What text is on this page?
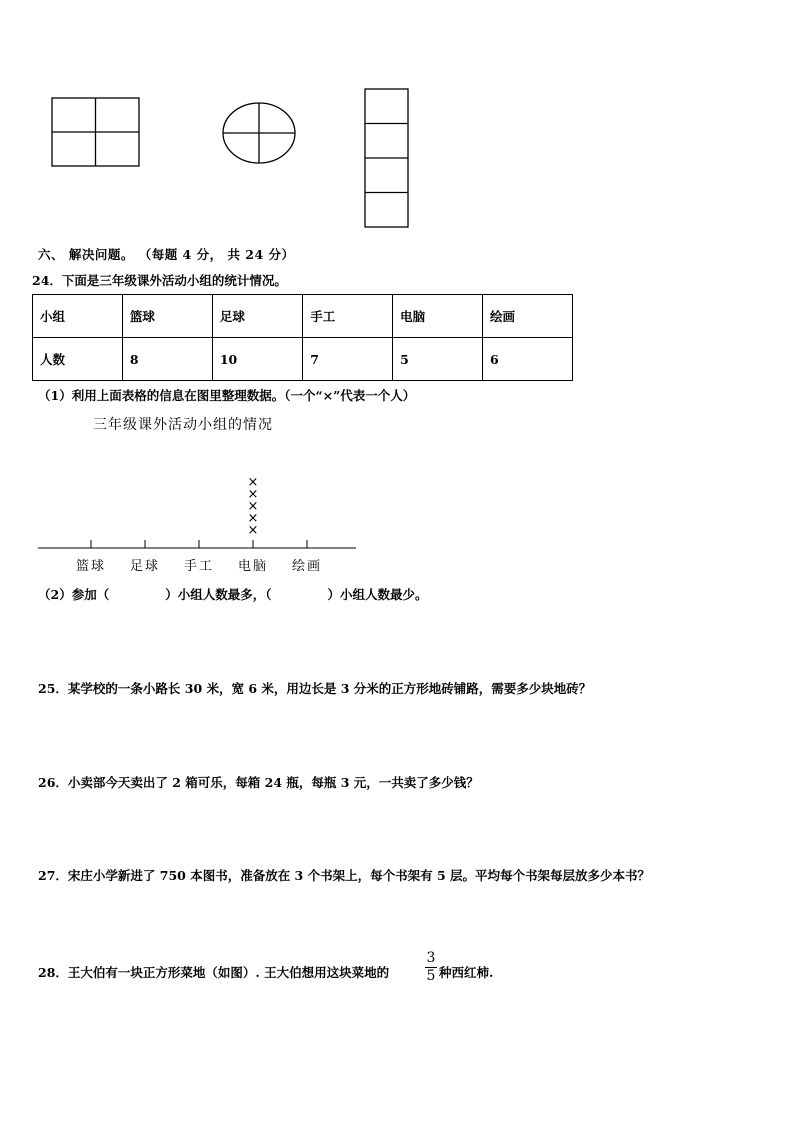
六、 解决问题。 （每题 4 分， 共 24 分）
24．下面是三年级课外活动小组的统计情况。
小组	篮球	足球	手工	电脑	绘画
人数	8	10	7	5	6
（1）利用上面表格的信息在图里整理数据。（一个“×”代表一个人）
三年级课外活动小组的情况
×
×
×
×
×
篮球 足球 手工 电脑 绘画
（2）参加（	）小组人数最多，（	）小组人数最少。
25．某学校的一条小路长 30 米，宽 6 米，用边长是 3 分米的正方形地砖铺路，需要多少块地砖？
26．小卖部今天卖出了 2 箱可乐，每箱 24 瓶，每瓶 3 元，一共卖了多少钱？
27．宋庄小学新进了 750 本图书，准备放在 3 个书架上，每个书架有 5 层。平均每个书架每层放多少本书？
28．王大伯有一块正方形菜地（如图）. 王大伯想用这块菜地的
3
5 种西红柿.
